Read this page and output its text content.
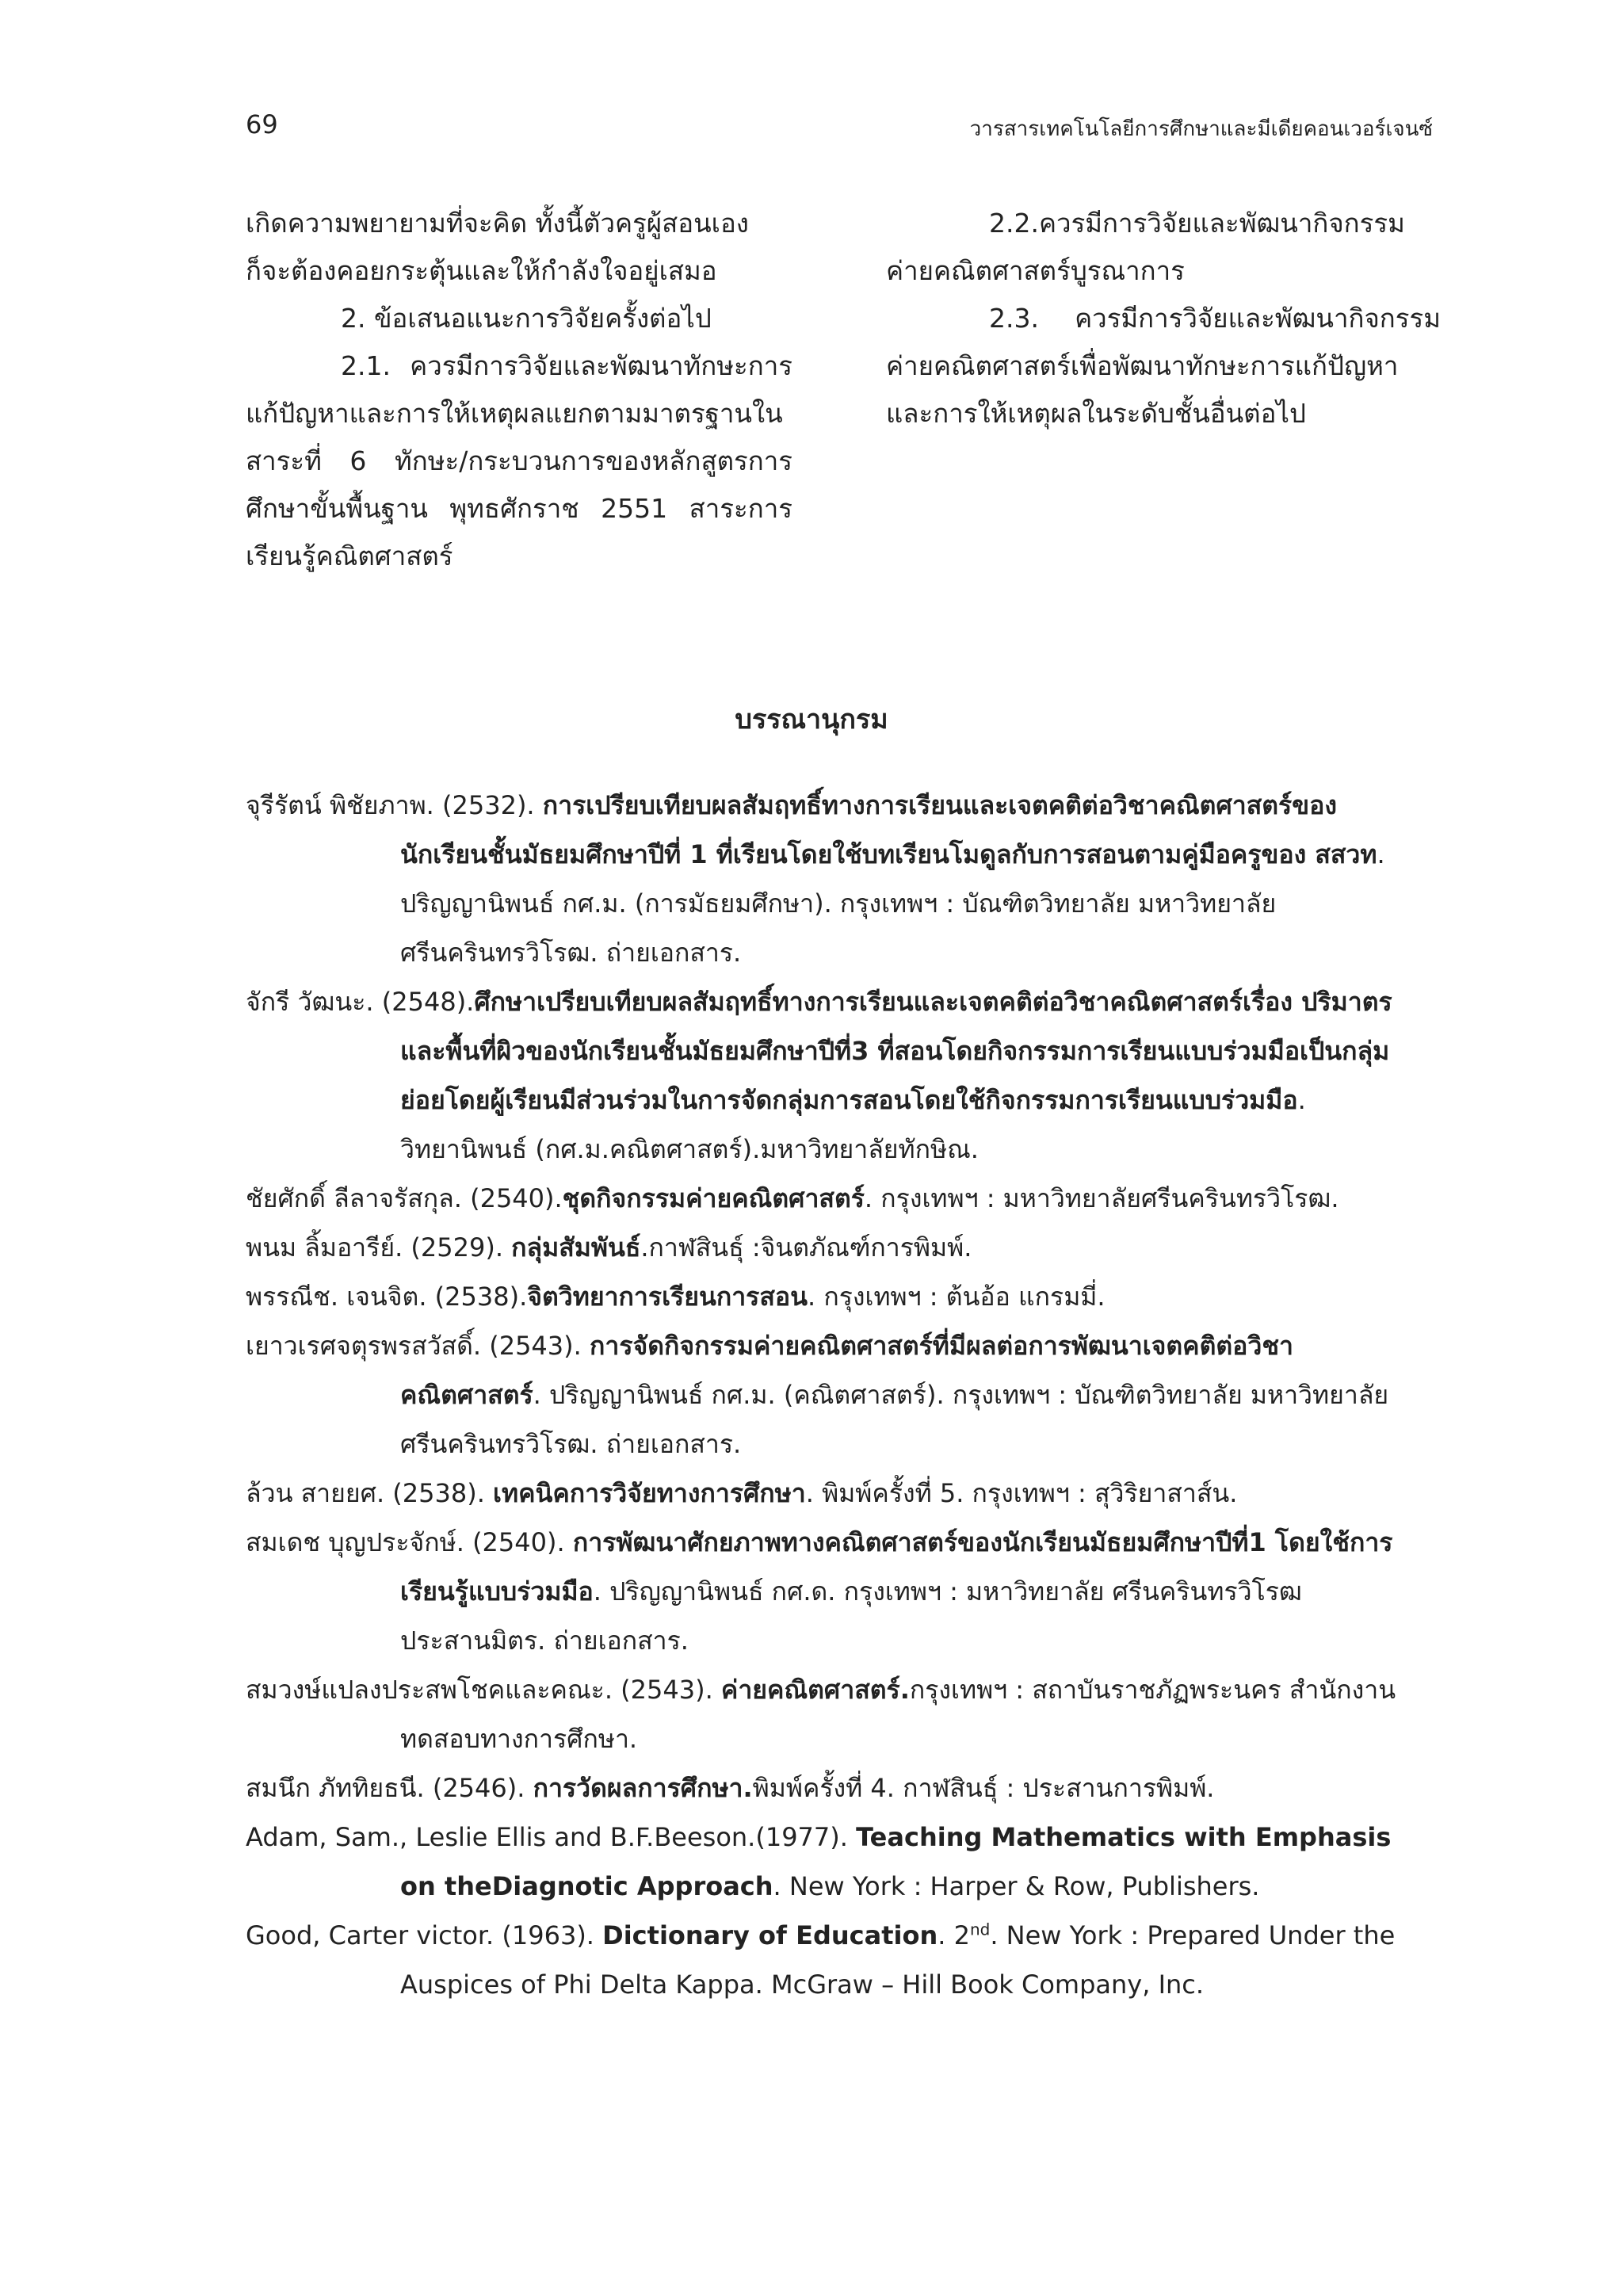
69	วารสารเทคโนโลยีการศึกษาและมีเดียคอนเวอร์เจนซ์

เกิดความพยายามที่จะคิด ทั้งนี้ตัวครูผู้สอนเอง

ก็จะต้องคอยกระตุ้นและให้กำลังใจอยู่เสมอ

2. ข้อเสนอแนะการวิจัยครั้งต่อไป

2.1. ควรมีการวิจัยและพัฒนาทักษะการแก้ปัญหาและการให้เหตุผลแยกตามมาตรฐานในสาระที่ 6 ทักษะ/กระบวนการของหลักสูตรการศึกษาขั้นพื้นฐาน พุทธศักราช 2551 สาระการเรียนรู้คณิตศาสตร์

2.2.ควรมีการวิจัยและพัฒนากิจกรรมค่ายคณิตศาสตร์บูรณาการ

2.3. ควรมีการวิจัยและพัฒนากิจกรรมค่ายคณิตศาสตร์เพื่อพัฒนาทักษะการแก้ปัญหาและการให้เหตุผลในระดับชั้นอื่นต่อไป

บรรณานุกรม

จุรีรัตน์ พิชัยภาพ. (2532). การเปรียบเทียบผลสัมฤทธิ์ทางการเรียนและเจตคติต่อวิชาคณิตศาสตร์ของนักเรียนชั้นมัธยมศึกษาปีที่ 1 ที่เรียนโดยใช้บทเรียนโมดูลกับการสอนตามคู่มือครูของ สสวท. ปริญญานิพนธ์ กศ.ม. (การมัธยมศึกษา). กรุงเทพฯ : บัณฑิตวิทยาลัย มหาวิทยาลัยศรีนครินทรวิโรฒ. ถ่ายเอกสาร.

จักรี วัฒนะ. (2548).ศึกษาเปรียบเทียบผลสัมฤทธิ์ทางการเรียนและเจตคติต่อวิชาคณิตศาสตร์เรื่อง ปริมาตรและพื้นที่ผิวของนักเรียนชั้นมัธยมศึกษาปีที่3 ที่สอนโดยกิจกรรมการเรียนแบบร่วมมือเป็นกลุ่มย่อยโดยผู้เรียนมีส่วนร่วมในการจัดกลุ่มการสอนโดยใช้กิจกรรมการเรียนแบบร่วมมือ. วิทยานิพนธ์ (กศ.ม.คณิตศาสตร์).มหาวิทยาลัยทักษิณ.

ชัยศักดิ์ ลีลาจรัสกุล. (2540).ชุดกิจกรรมค่ายคณิตศาสตร์. กรุงเทพฯ : มหาวิทยาลัยศรีนครินทรวิโรฒ.

พนม ลิ้มอารีย์. (2529). กลุ่มสัมพันธ์.กาฬสินธุ์ :จินตภัณฑ์การพิมพ์.

พรรณีช. เจนจิต. (2538).จิตวิทยาการเรียนการสอน. กรุงเทพฯ : ต้นอ้อ แกรมมี่.

เยาวเรศจตุรพรสวัสดิ์. (2543). การจัดกิจกรรมค่ายคณิตศาสตร์ที่มีผลต่อการพัฒนาเจตคติต่อวิชาคณิตศาสตร์. ปริญญานิพนธ์ กศ.ม. (คณิตศาสตร์). กรุงเทพฯ : บัณฑิตวิทยาลัย มหาวิทยาลัยศรีนครินทรวิโรฒ. ถ่ายเอกสาร.

ล้วน สายยศ. (2538). เทคนิคการวิจัยทางการศึกษา. พิมพ์ครั้งที่ 5. กรุงเทพฯ : สุวิริยาสาส์น.

สมเดช บุญประจักษ์. (2540). การพัฒนาศักยภาพทางคณิตศาสตร์ของนักเรียนมัธยมศึกษาปีที่1 โดยใช้การเรียนรู้แบบร่วมมือ. ปริญญานิพนธ์ กศ.ด. กรุงเทพฯ : มหาวิทยาลัย ศรีนครินทรวิโรฒประสานมิตร. ถ่ายเอกสาร.

สมวงษ์แปลงประสพโชคและคณะ. (2543). ค่ายคณิตศาสตร์.กรุงเทพฯ : สถาบันราชภัฏพระนคร สำนักงานทดสอบทางการศึกษา.

สมนึก ภัททิยธนี. (2546). การวัดผลการศึกษา.พิมพ์ครั้งที่ 4. กาฬสินธุ์ : ประสานการพิมพ์.

Adam, Sam., Leslie Ellis and B.F.Beeson.(1977). Teaching Mathematics with Emphasis on theDiagnotic Approach. New York : Harper & Row, Publishers.

Good, Carter victor. (1963). Dictionary of Education. 2nd. New York : Prepared Under the Auspices of Phi Delta Kappa. McGraw – Hill Book Company, Inc.
